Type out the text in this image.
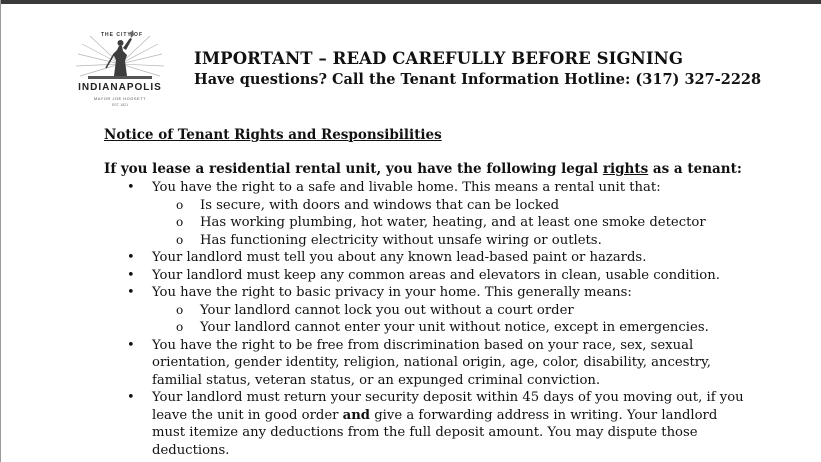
THE CITY OF
INDIANAPOLIS
MAYOR JOE HOGSETT
EST. 1821
IMPORTANT – READ CAREFULLY BEFORE SIGNING
Have questions? Call the Tenant Information Hotline: (317) 327-2228
Notice of Tenant Rights and Responsibilities
If you lease a residential rental unit, you have the following legal rights as a tenant:
• You have the right to a safe and livable home. This means a rental unit that:
o Is secure, with doors and windows that can be locked
o Has working plumbing, hot water, heating, and at least one smoke detector
o Has functioning electricity without unsafe wiring or outlets.
• Your landlord must tell you about any known lead-based paint or hazards.
• Your landlord must keep any common areas and elevators in clean, usable condition.
• You have the right to basic privacy in your home. This generally means:
o Your landlord cannot lock you out without a court order
o Your landlord cannot enter your unit without notice, except in emergencies.
• You have the right to be free from discrimination based on your race, sex, sexual
orientation, gender identity, religion, national origin, age, color, disability, ancestry,
familial status, veteran status, or an expunged criminal conviction.
• Your landlord must return your security deposit within 45 days of you moving out, if you
leave the unit in good order and give a forwarding address in writing. Your landlord
must itemize any deductions from the full deposit amount. You may dispute those
deductions.
